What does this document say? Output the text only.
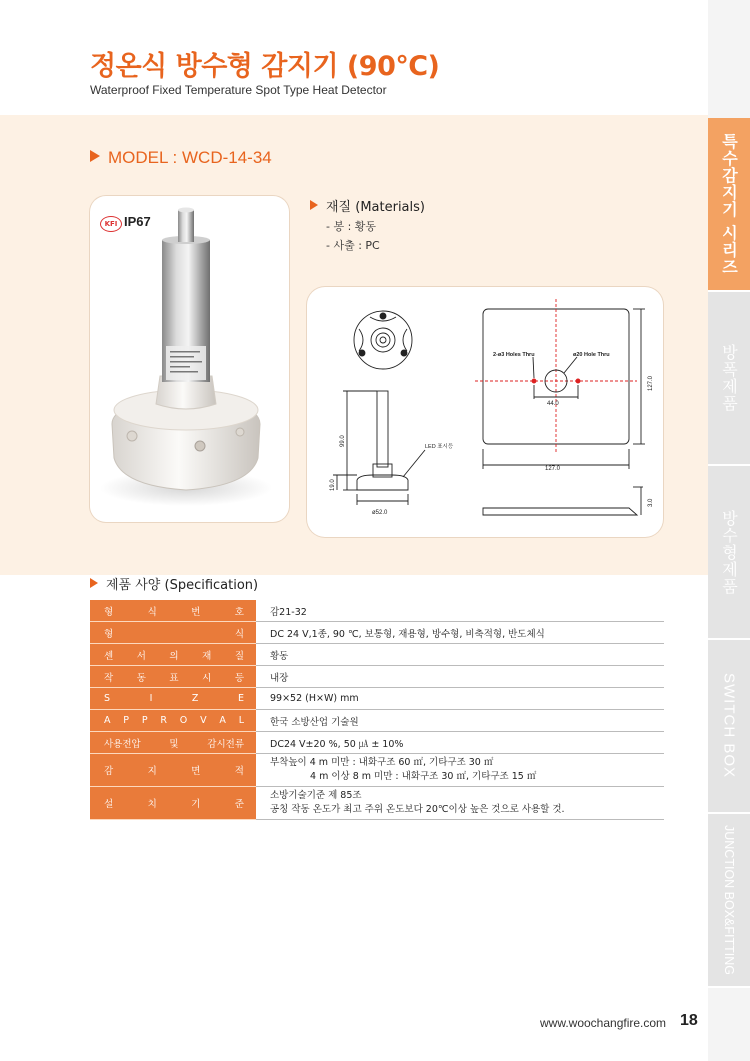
정온식 방수형 감지기 (90℃)
Waterproof Fixed Temperature Spot Type Heat Detector
MODEL : WCD-14-34
KFI IP67
재질 (Materials)
- 봉 : 황동
- 사출 : PC
99.0
19.0
ø52.0
LED 표시등
2-ø3 Holes Thru	ø20 Hole Thru
44.0
127.0
127.0
3.0
제품 사양 (Specification)
형 식 번 호	감21-32
형 식	DC 24 V,1종, 90 ℃, 보통형, 재용형, 방수형, 비축적형, 반도체식
센 서 의 재 질	황동
작 동 표 시 등	내장
S I Z E	99×52 (H×W) mm
A P P R O V A L	한국 소방산업 기술원
사용전압 및 감시전류	DC24 V±20 %, 50 ㎂ ± 10%
감 지 면 적	부착높이 4 m 미만 : 내화구조 60 ㎡, 기타구조 30 ㎡
4 m 이상 8 m 미만 : 내화구조 30 ㎡, 기타구조 15 ㎡

설 치 기 준	소방기술기준 제 85조
공칭 작동 온도가 최고 주위 온도보다 20℃이상 높은 것으로 사용할 것.
특수감지기 시리즈
방폭제품
방수형제품
SWITCH BOX
JUNCTION BOX&FITTING
www.woochangfire.com 18
